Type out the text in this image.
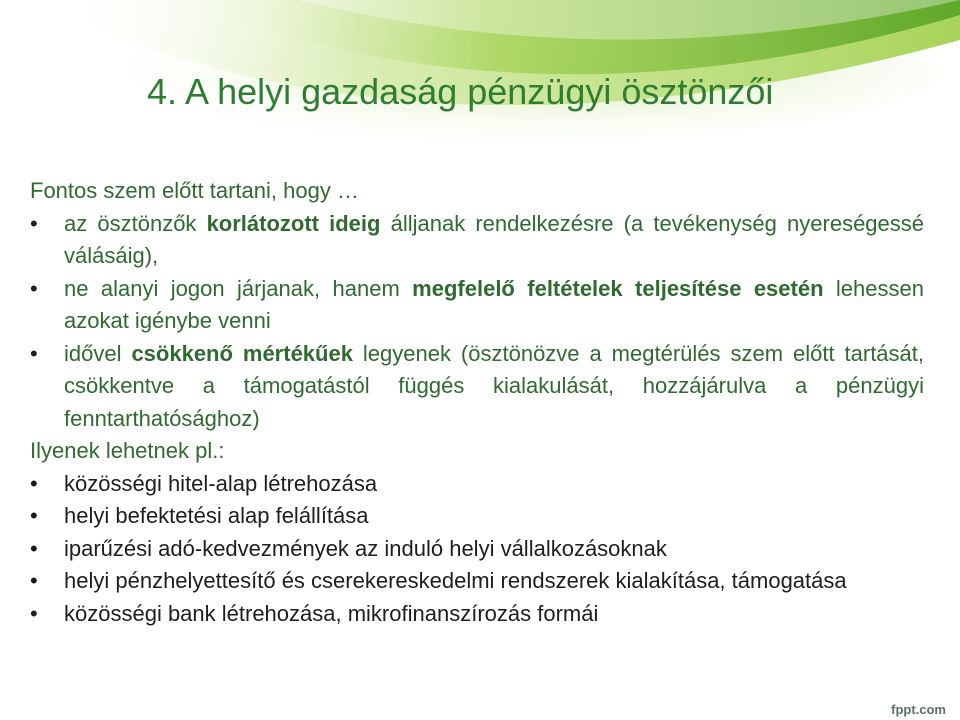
4. A helyi gazdaság pénzügyi ösztönzői

Fontos szem előtt tartani, hogy …

• az ösztönzők korlátozott ideig álljanak rendelkezésre (a tevékenység nyereségessé válásáig),
• ne alanyi jogon járjanak, hanem megfelelő feltételek teljesítése esetén lehessen azokat igénybe venni
• idővel csökkenő mértékűek legyenek (ösztönözve a megtérülés szem előtt tartását, csökkentve a támogatástól függés kialakulását, hozzájárulva a pénzügyi fenntarthatósághoz)

Ilyenek lehetnek pl.:

• közösségi hitel-alap létrehozása
• helyi befektetési alap felállítása
• iparűzési adó-kedvezmények az induló helyi vállalkozásoknak
• helyi pénzhelyettesítő és cserekereskedelmi rendszerek kialakítása, támogatása
• közösségi bank létrehozása, mikrofinanszírozás formái
fppt.com
